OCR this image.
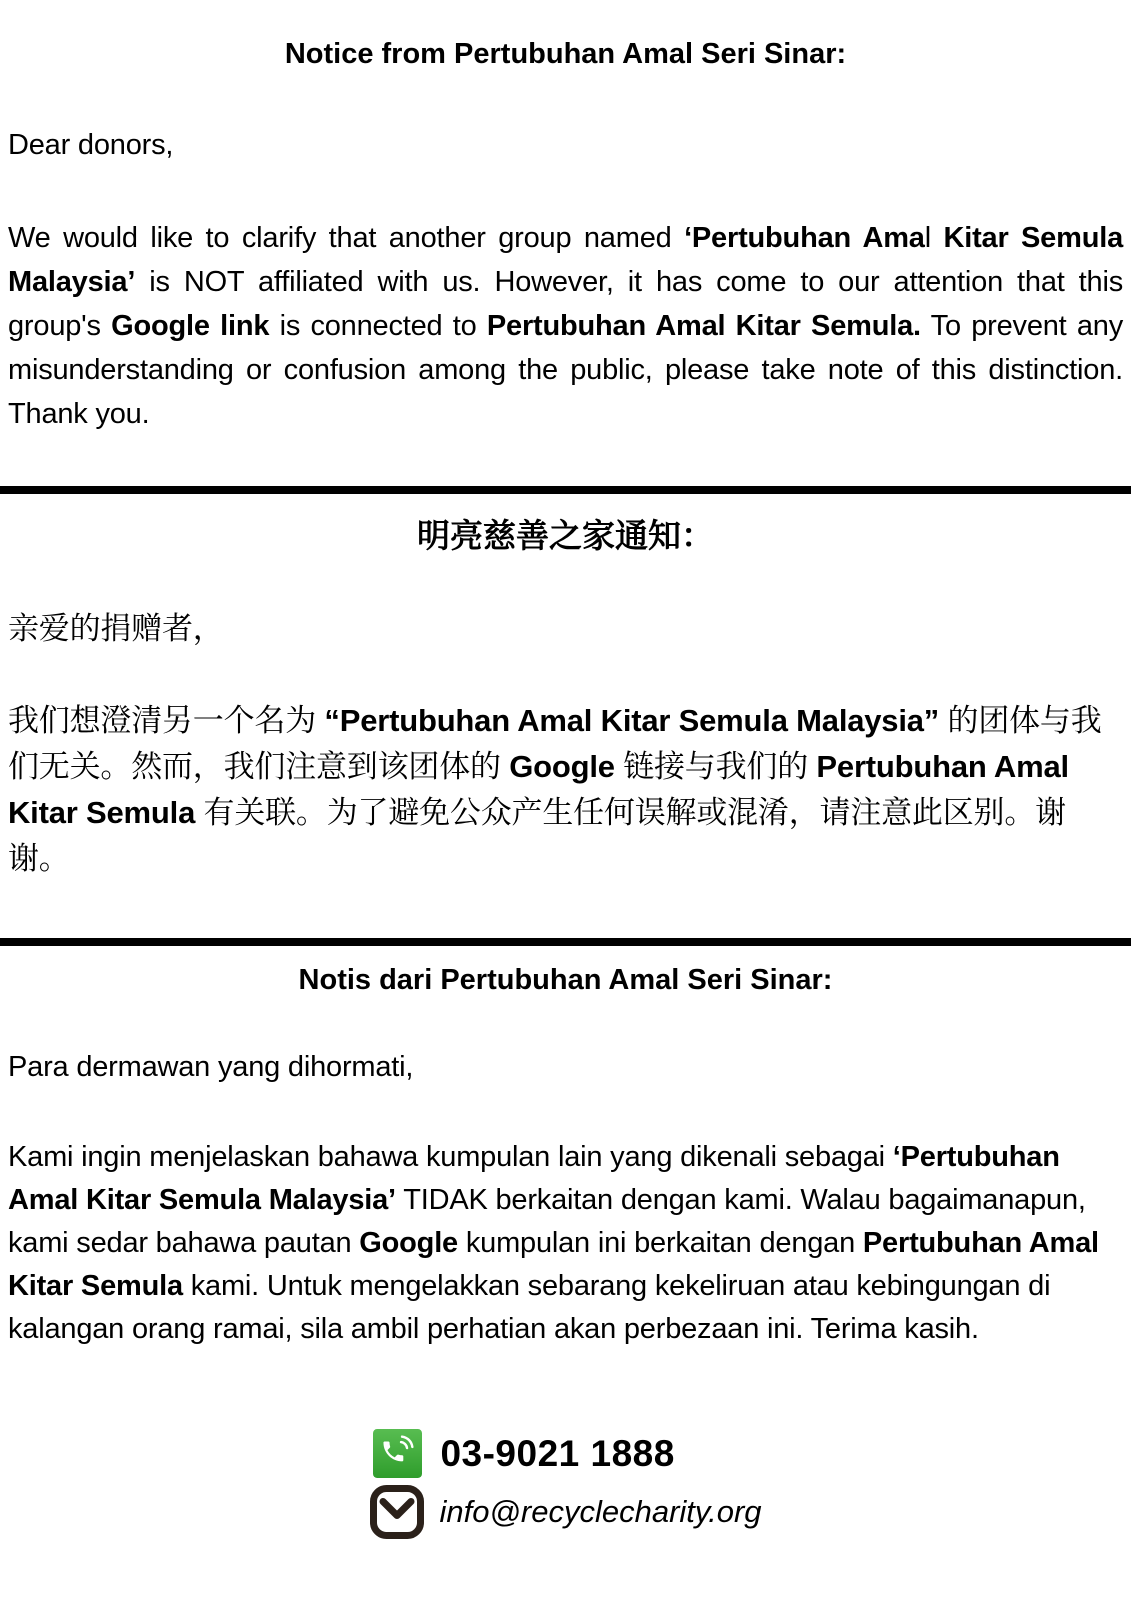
Notice from Pertubuhan Amal Seri Sinar:

Dear donors,

We would like to clarify that another group named ‘Pertubuhan Amal Kitar Semula Malaysia’ is NOT affiliated with us. However, it has come to our attention that this group's Google link is connected to Pertubuhan Amal Kitar Semula. To prevent any misunderstanding or confusion among the public, please take note of this distinction. Thank you.

明亮慈善之家通知：

亲爱的捐赠者，

我们想澄清另一个名为 “Pertubuhan Amal Kitar Semula Malaysia” 的团体与我们无关。然而，我们注意到该团体的 Google 链接与我们的 Pertubuhan Amal Kitar Semula 有关联。为了避免公众产生任何误解或混淆，请注意此区别。谢谢。

Notis dari Pertubuhan Amal Seri Sinar:

Para dermawan yang dihormati,

Kami ingin menjelaskan bahawa kumpulan lain yang dikenali sebagai ‘Pertubuhan Amal Kitar Semula Malaysia’ TIDAK berkaitan dengan kami. Walau bagaimanapun, kami sedar bahawa pautan Google kumpulan ini berkaitan dengan Pertubuhan Amal Kitar Semula kami. Untuk mengelakkan sebarang kekeliruan atau kebingungan di kalangan orang ramai, sila ambil perhatian akan perbezaan ini. Terima kasih.

03-9021 1888
info@recyclecharity.org
